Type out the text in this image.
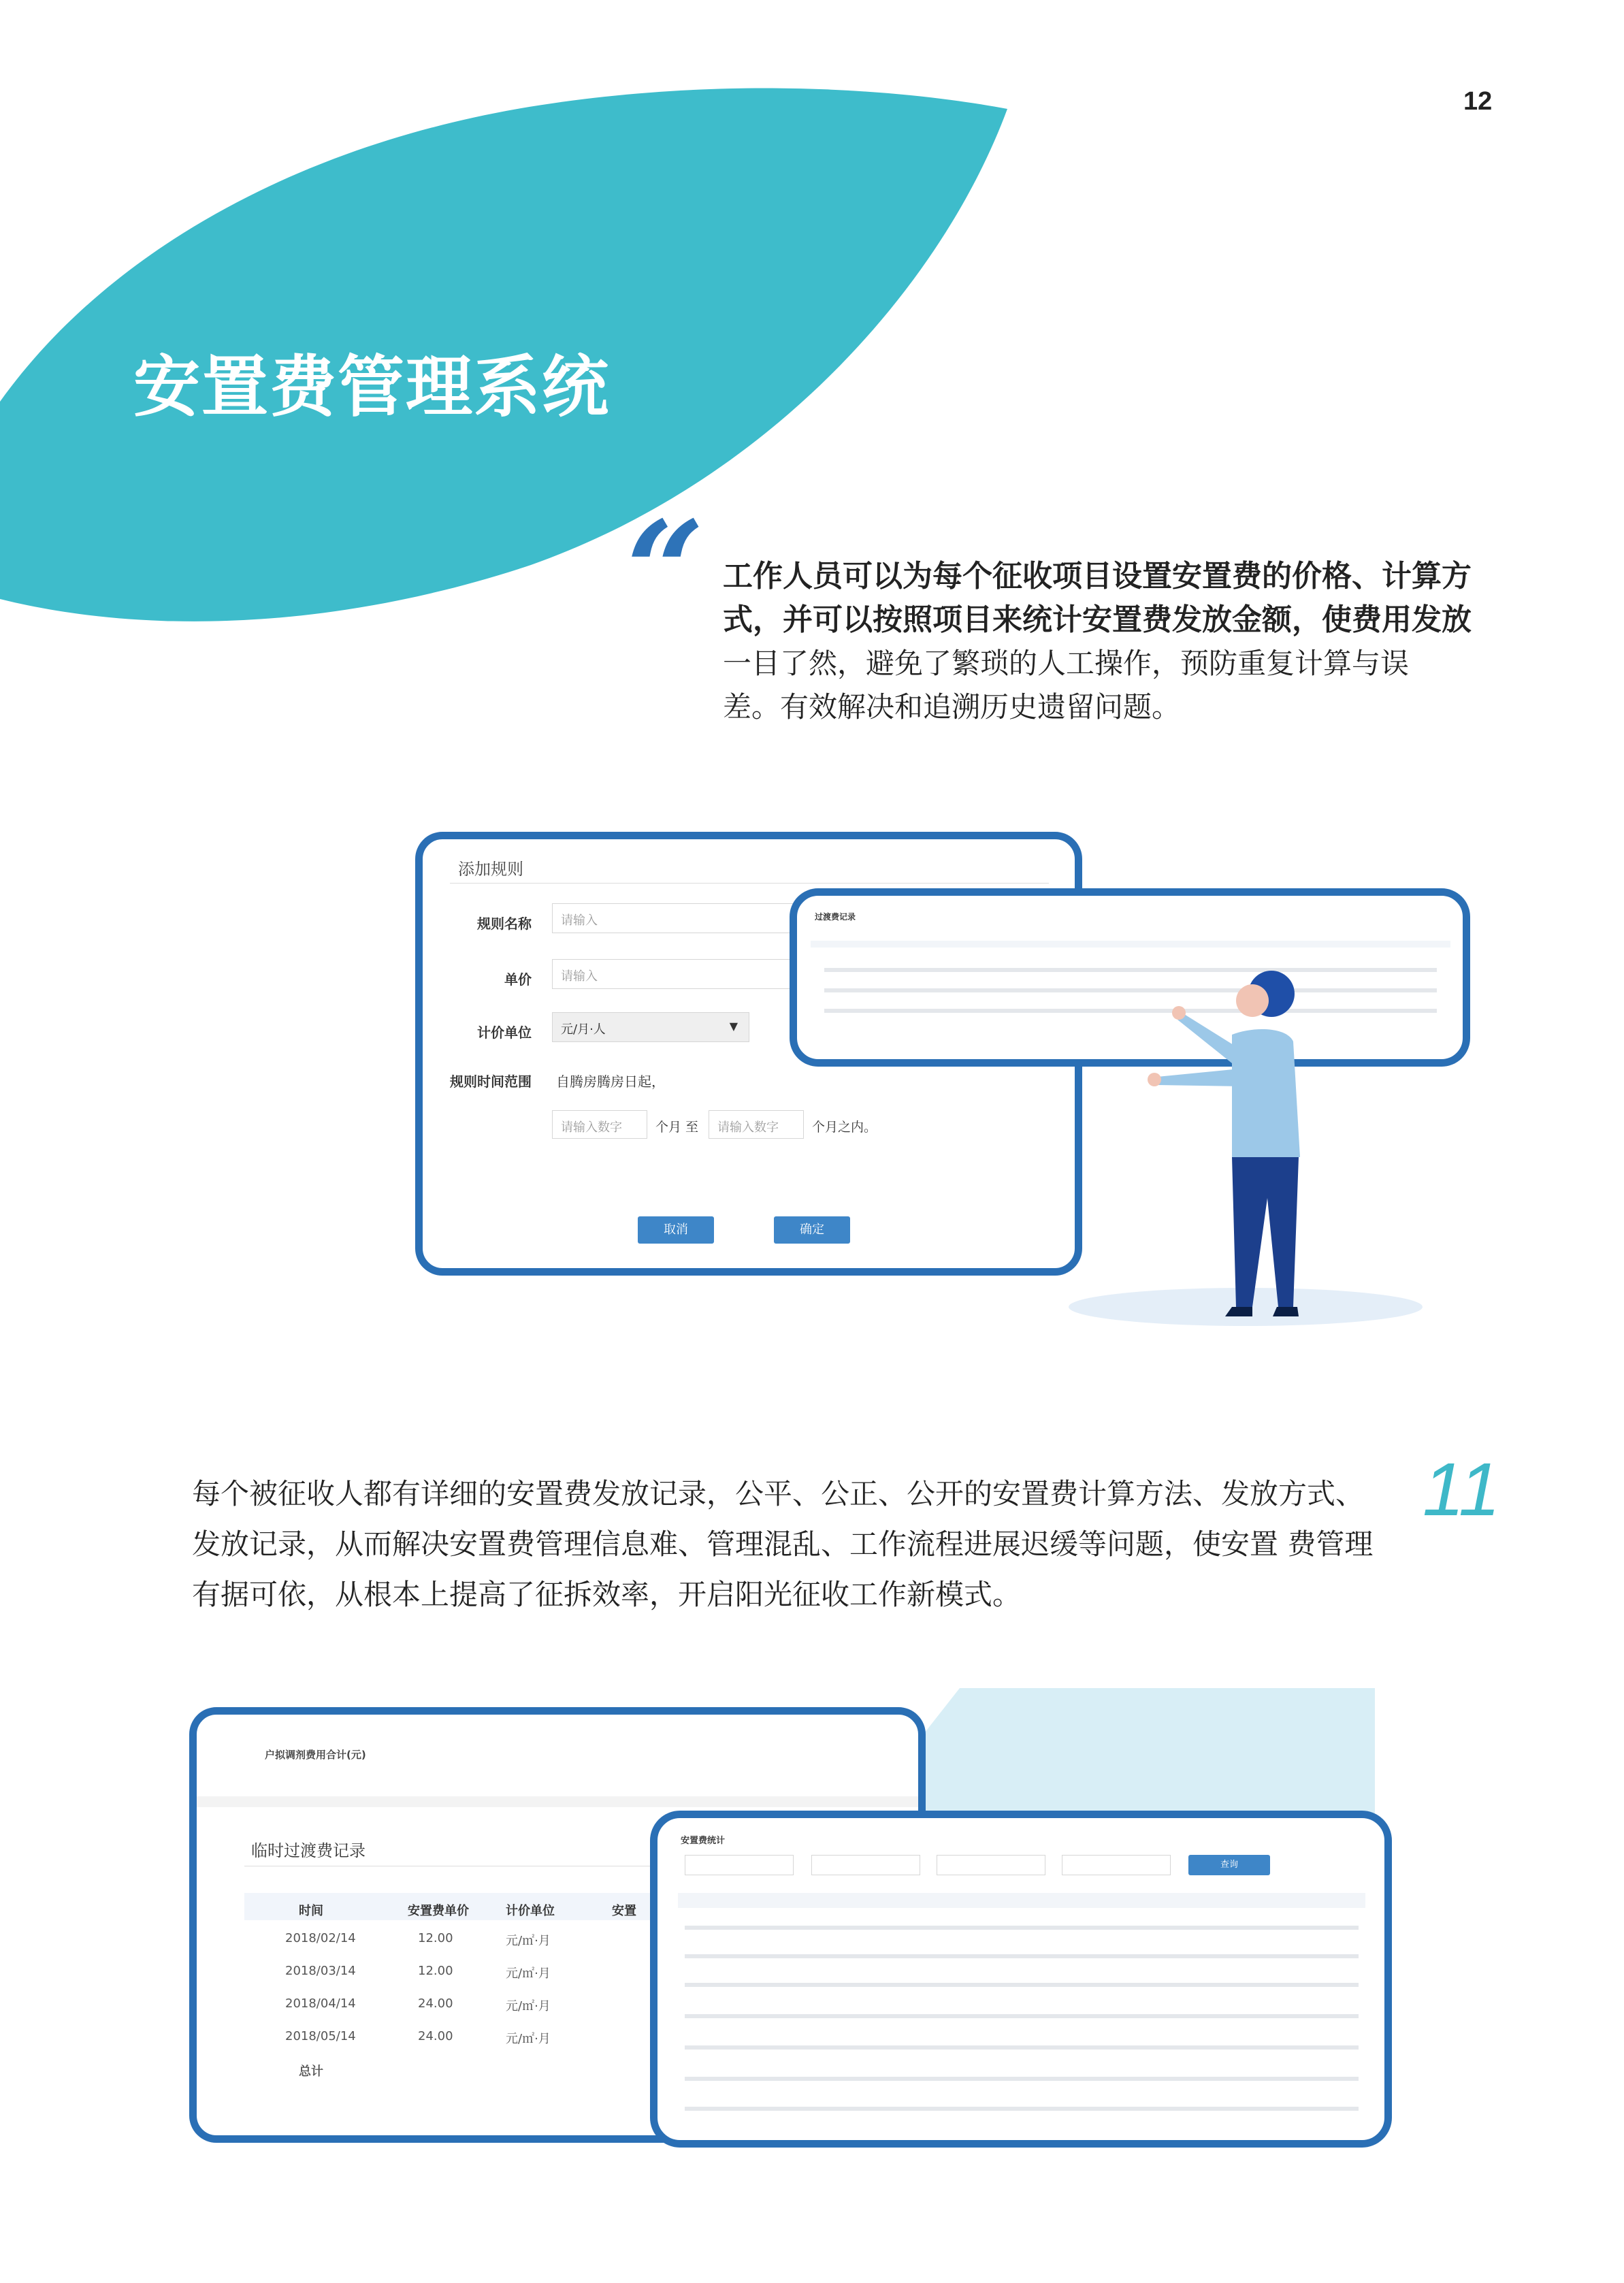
12
安置费管理系统
“ 工作人员可以为每个征收项目设置安置费的价格、计算方式，并可以按照项目来统计安置费发放金额，使费用发放
一目了然，避免了繁琐的人工操作，预防重复计算与误差。有效解决和追溯历史遗留问题。
添加规则
规则名称	请输入
单价	请输入
计价单位	元/月·人	▼
规则时间范围 自腾房腾房日起，
请输入数字	个月 至	请输入数字	个月之内。
取消	确定
过渡费记录
11
每个被征收人都有详细的安置费发放记录，公平、公正、公开的安置费计算方法、发放方式、发放记录，从而解决安置费管理信息难、管理混乱、工作流程进展迟缓等问题，使安置 费管理有据可依，从根本上提高了征拆效率，开启阳光征收工作新模式。
户拟调剂费用合计(元)
临时过渡费记录
时间	安置费单价	计价单位	安置
2018/02/14	12.00	元/㎡·月
2018/03/14	12.00	元/㎡·月
2018/04/14	24.00	元/㎡·月
2018/05/14	24.00	元/㎡·月
总计
安置费统计
查询
